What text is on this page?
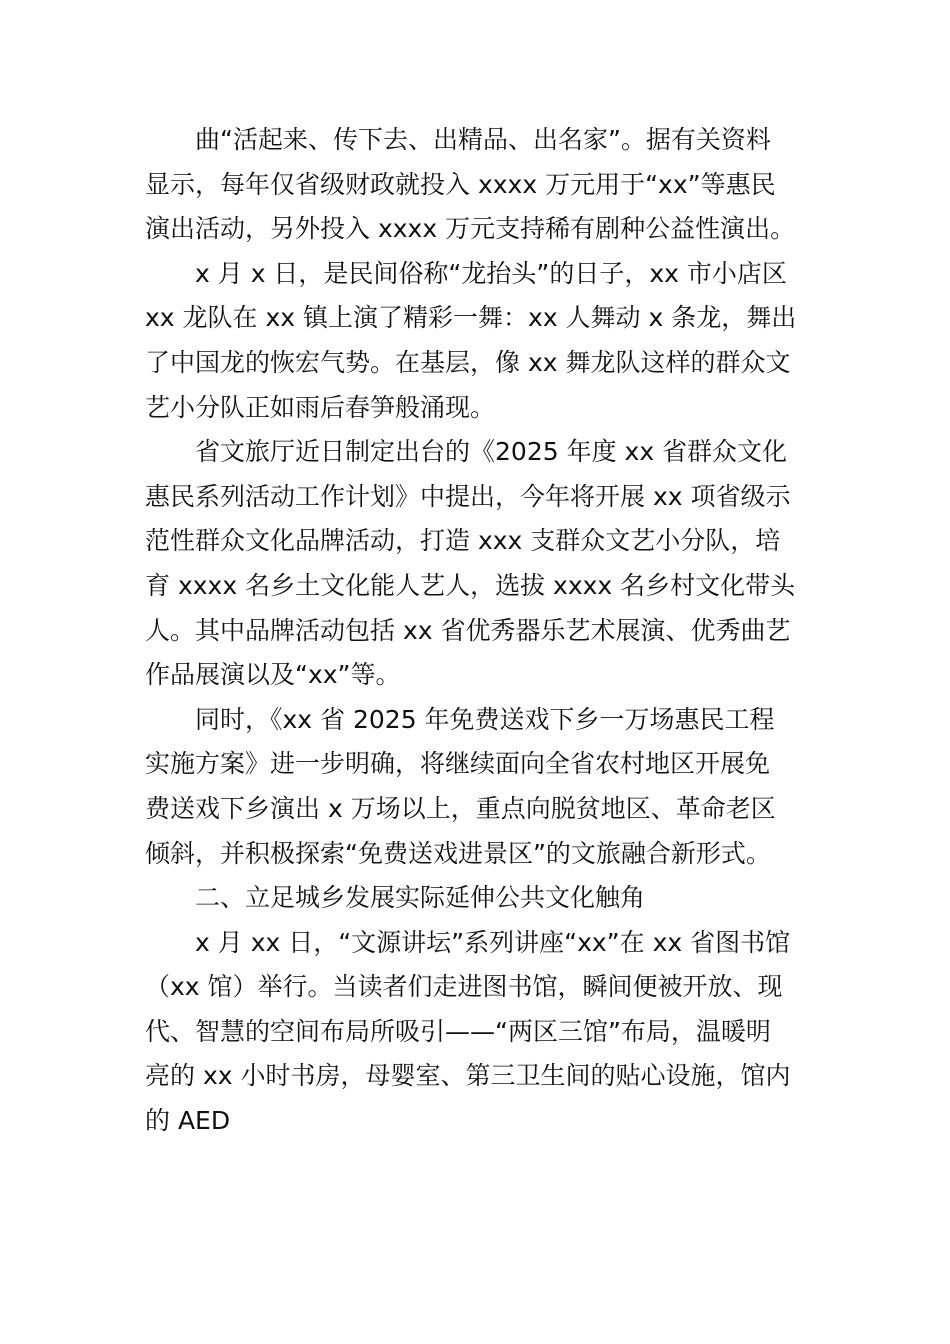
曲“活起来、传下去、出精品、出名家”。据有关资料
显示，每年仅省级财政就投入 xxxx 万元用于“xx”等惠民
演出活动，另外投入 xxxx 万元支持稀有剧种公益性演出。

x 月 x 日，是民间俗称“龙抬头”的日子，xx 市小店区
xx 龙队在 xx 镇上演了精彩一舞：xx 人舞动 x 条龙，舞出
了中国龙的恢宏气势。在基层，像 xx 舞龙队这样的群众文
艺小分队正如雨后春笋般涌现。

省文旅厅近日制定出台的《2025 年度 xx 省群众文化
惠民系列活动工作计划》中提出，今年将开展 xx 项省级示
范性群众文化品牌活动，打造 xxx 支群众文艺小分队，培
育 xxxx 名乡土文化能人艺人，选拔 xxxx 名乡村文化带头
人。其中品牌活动包括 xx 省优秀器乐艺术展演、优秀曲艺
作品展演以及“xx”等。

同时，《xx 省 2025 年免费送戏下乡一万场惠民工程
实施方案》进一步明确，将继续面向全省农村地区开展免
费送戏下乡演出 x 万场以上，重点向脱贫地区、革命老区
倾斜，并积极探索“免费送戏进景区”的文旅融合新形式。

二、立足城乡发展实际延伸公共文化触角

x 月 xx 日，“文源讲坛”系列讲座“xx”在 xx 省图书馆
（xx 馆）举行。当读者们走进图书馆，瞬间便被开放、现
代、智慧的空间布局所吸引——“两区三馆”布局，温暖明
亮的 xx 小时书房，母婴室、第三卫生间的贴心设施，馆内
的 AED
